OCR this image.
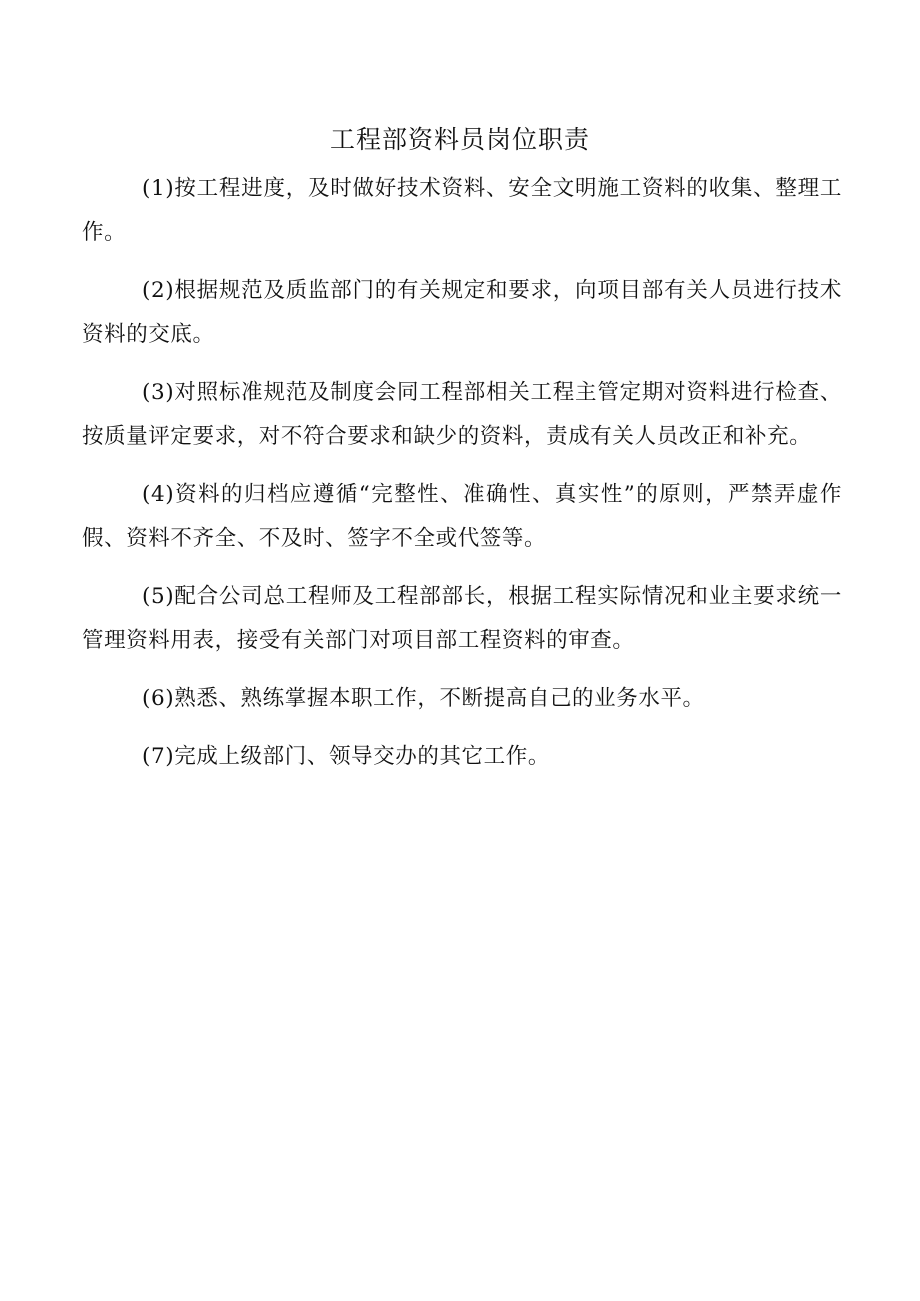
工程部资料员岗位职责
(1)按工程进度，及时做好技术资料、安全文明施工资料的收集、整理工作。
(2)根据规范及质监部门的有关规定和要求，向项目部有关人员进行技术资料的交底。
(3)对照标准规范及制度会同工程部相关工程主管定期对资料进行检查、按质量评定要求，对不符合要求和缺少的资料，责成有关人员改正和补充。
(4)资料的归档应遵循“完整性、准确性、真实性”的原则，严禁弄虚作假、资料不齐全、不及时、签字不全或代签等。
(5)配合公司总工程师及工程部部长，根据工程实际情况和业主要求统一管理资料用表，接受有关部门对项目部工程资料的审查。
(6)熟悉、熟练掌握本职工作，不断提高自己的业务水平。
(7)完成上级部门、领导交办的其它工作。
